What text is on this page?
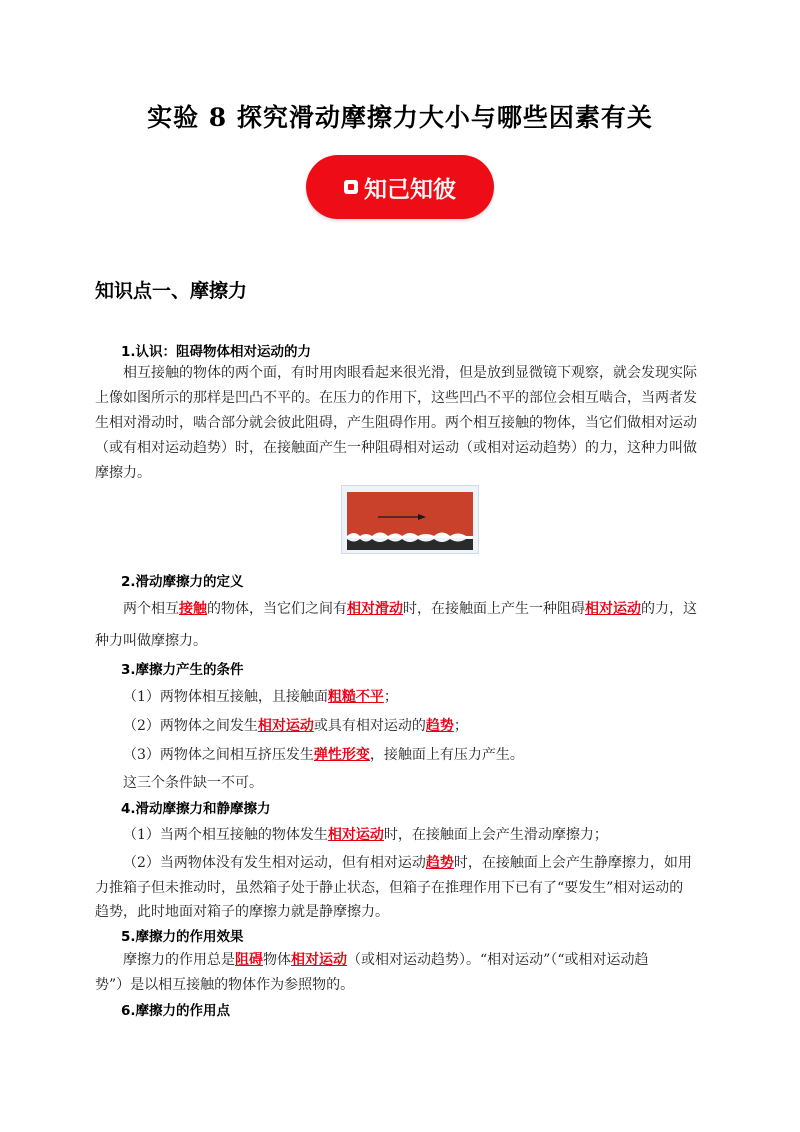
实验 8 探究滑动摩擦力大小与哪些因素有关
知己知彼
知识点一、摩擦力
1.认识：阻碍物体相对运动的力
相互接触的物体的两个面，有时用肉眼看起来很光滑，但是放到显微镜下观察，就会发现实际
上像如图所示的那样是凹凸不平的。在压力的作用下，这些凹凸不平的部位会相互啮合，当两者发
生相对滑动时，啮合部分就会彼此阻碍，产生阻碍作用。两个相互接触的物体，当它们做相对运动
（或有相对运动趋势）时，在接触面产生一种阻碍相对运动（或相对运动趋势）的力，这种力叫做
摩擦力。
2.滑动摩擦力的定义
两个相互接触的物体，当它们之间有相对滑动时，在接触面上产生一种阻碍相对运动的力，这
种力叫做摩擦力。
3.摩擦力产生的条件
（1）两物体相互接触，且接触面粗糙不平；
（2）两物体之间发生相对运动或具有相对运动的趋势；
（3）两物体之间相互挤压发生弹性形变，接触面上有压力产生。
这三个条件缺一不可。
4.滑动摩擦力和静摩擦力
（1）当两个相互接触的物体发生相对运动时，在接触面上会产生滑动摩擦力；
（2）当两物体没有发生相对运动，但有相对运动趋势时，在接触面上会产生静摩擦力，如用
力推箱子但未推动时，虽然箱子处于静止状态，但箱子在推理作用下已有了“要发生”相对运动的
趋势，此时地面对箱子的摩擦力就是静摩擦力。
5.摩擦力的作用效果
摩擦力的作用总是阻碍物体相对运动（或相对运动趋势）。“相对运动”（“或相对运动趋
势”）是以相互接触的物体作为参照物的。
6.摩擦力的作用点
